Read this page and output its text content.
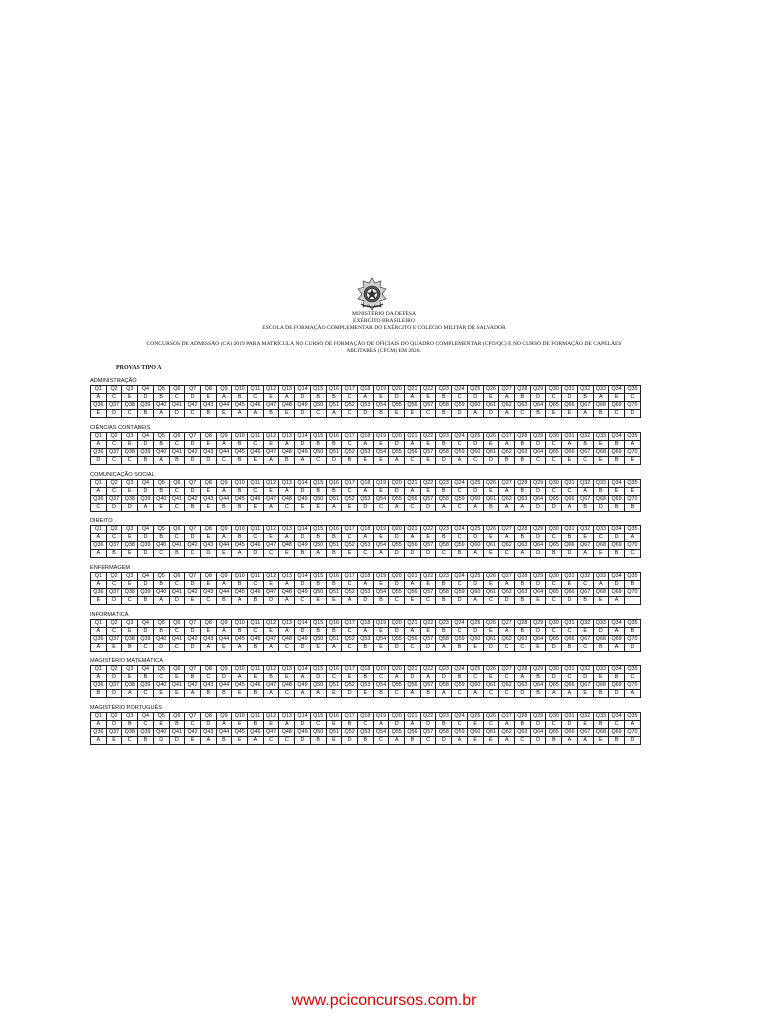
MINISTÉRIO DA DEFESA
EXÉRCITO BRASILEIRO
ESCOLA DE FORMAÇÃO COMPLEMENTAR DO EXÉRCITO E COLÉGIO MILITAR DE SALVADOR
CONCURSOS DE ADMISSÃO (CA) 2019 PARA MATRÍCULA NO CURSO DE FORMAÇÃO DE OFICIAIS DO QUADRO COMPLEMENTAR (CFO/QC) E NO CURSO DE FORMAÇÃO DE CAPELÃES
MILITARES (CFCM) EM 2020.
PROVAS TIPO A
ADMINISTRAÇÃO
Q1	Q2	Q3	Q4	Q5	Q6	Q7	Q8	Q9	Q10	Q11	Q12	Q13	Q14	Q15	Q16	Q17	Q18	Q19	Q20	Q21	Q22	Q23	Q24	Q25	Q26	Q27	Q28	Q29	Q30	Q31	Q32	Q33	Q34	Q35
A	C	E	D	B	C	D	E	A	B	C	E	A	D	B	B	C	A	E	D	A	E	B	C	D	E	A	B	D	C	D	B	A	E	C
Q36	Q37	Q38	Q39	Q40	Q41	Q42	Q43	Q44	Q45	Q46	Q47	Q48	Q49	Q50	Q51	Q52	Q53	Q54	Q55	Q56	Q57	Q58	Q59	Q60	Q61	Q62	Q63	Q64	Q65	Q66	Q67	Q68	Q69	Q70
E	D	C	B	A	D	C	B	E	A	A	B	E	D	C	A	C	D	B	E	E	C	B	D	A	D	A	C	B	E	E	A	B	C	D
CIÊNCIAS CONTÁBEIS
Q1	Q2	Q3	Q4	Q5	Q6	Q7	Q8	Q9	Q10	Q11	Q12	Q13	Q14	Q15	Q16	Q17	Q18	Q19	Q20	Q21	Q22	Q23	Q24	Q25	Q26	Q27	Q28	Q29	Q30	Q31	Q32	Q33	Q34	Q35
A	C	E	D	B	C	D	E	A	B	C	E	A	D	B	B	C	A	E	D	A	E	B	C	D	E	A	B	D	C	A	B	E	B	A
Q36	Q37	Q38	Q39	Q40	Q41	Q42	Q43	Q44	Q45	Q46	Q47	Q48	Q49	Q50	Q51	Q52	Q53	Q54	Q55	Q56	Q57	Q58	Q59	Q60	Q61	Q62	Q63	Q64	Q65	Q66	Q67	Q68	Q69	Q70
D	C	C	B	A	B	D	D	C	B	E	A	B	A	C	D	B	E	E	A	C	E	D	A	C	D	B	B	C	C	E	C	E	B	E
COMUNICAÇÃO SOCIAL
Q1	Q2	Q3	Q4	Q5	Q6	Q7	Q8	Q9	Q10	Q11	Q12	Q13	Q14	Q15	Q16	Q17	Q18	Q19	Q20	Q21	Q22	Q23	Q24	Q25	Q26	Q27	Q28	Q29	Q30	Q31	Q32	Q33	Q34	Q35
A	C	E	D	B	C	D	E	A	B	C	E	A	D	B	B	C	A	E	D	A	E	B	C	D	E	A	B	D	C	C	A	B	E	E
Q36	Q37	Q38	Q39	Q40	Q41	Q42	Q43	Q44	Q45	Q46	Q47	Q48	Q49	Q50	Q51	Q52	Q53	Q54	Q55	Q56	Q57	Q58	Q59	Q60	Q61	Q62	Q63	Q64	Q65	Q66	Q67	Q68	Q69	Q70
C	D	D	A	E	C	B	E	B	B	E	A	C	E	E	A	E	D	C	A	C	D	A	C	A	B	A	A	D	D	A	B	D	B	B
DIREITO
Q1	Q2	Q3	Q4	Q5	Q6	Q7	Q8	Q9	Q10	Q11	Q12	Q13	Q14	Q15	Q16	Q17	Q18	Q19	Q20	Q21	Q22	Q23	Q24	Q25	Q26	Q27	Q28	Q29	Q30	Q31	Q32	Q33	Q34	Q35
A	C	E	D	B	C	D	E	A	B	C	E	A	D	B	B	C	A	E	D	A	E	B	C	D	E	A	B	D	C	B	E	C	D	A
Q36	Q37	Q38	Q39	Q40	Q41	Q42	Q43	Q44	Q45	Q46	Q47	Q48	Q49	Q50	Q51	Q52	Q53	Q54	Q55	Q56	Q57	Q58	Q59	Q60	Q61	Q62	Q63	Q64	Q65	Q66	Q67	Q68	Q69	Q70
A	B	E	D	C	B	C	D	E	A	D	C	E	B	A	B	E	C	A	D	D	D	C	B	A	E	C	A	D	B	D	A	E	B	C
ENFERMAGEM
Q1	Q2	Q3	Q4	Q5	Q6	Q7	Q8	Q9	Q10	Q11	Q12	Q13	Q14	Q15	Q16	Q17	Q18	Q19	Q20	Q21	Q22	Q23	Q24	Q25	Q26	Q27	Q28	Q29	Q30	Q31	Q32	Q33	Q34	Q35
A	C	E	D	B	C	D	E	A	B	C	E	A	D	B	B	C	A	E	D	A	E	B	C	D	E	A	B	D	C	E	C	A	D	B
Q36	Q37	Q38	Q39	Q40	Q41	Q42	Q43	Q44	Q45	Q46	Q47	Q48	Q49	Q50	Q51	Q52	Q53	Q54	Q55	Q56	Q57	Q58	Q59	Q60	Q61	Q62	Q63	Q64	Q65	Q66	Q67	Q68	Q69	Q70
E	D	C	B	A	D	E	C	B	A	B	D	A	C	E	E	A	D	B	C	E	C	B	D	A	C	D	B	E	C	D	B	E	A	
INFORMÁTICA
Q1	Q2	Q3	Q4	Q5	Q6	Q7	Q8	Q9	Q10	Q11	Q12	Q13	Q14	Q15	Q16	Q17	Q18	Q19	Q20	Q21	Q22	Q23	Q24	Q25	Q26	Q27	Q28	Q29	Q30	Q31	Q32	Q33	Q34	Q35
A	C	E	D	B	C	D	E	A	B	C	E	A	D	B	B	C	A	E	D	A	E	B	C	D	E	A	B	D	C	C	E	D	A	B
Q36	Q37	Q38	Q39	Q40	Q41	Q42	Q43	Q44	Q45	Q46	Q47	Q48	Q49	Q50	Q51	Q52	Q53	Q54	Q55	Q56	Q57	Q58	Q59	Q60	Q61	Q62	Q63	Q64	Q65	Q66	Q67	Q68	Q69	Q70
A	E	B	C	D	C	D	A	E	A	B	A	C	D	E	A	C	B	E	D	C	D	A	B	E	D	C	C	E	D	B	C	B	A	D
MAGISTÉRIO MATEMÁTICA
Q1	Q2	Q3	Q4	Q5	Q6	Q7	Q8	Q9	Q10	Q11	Q12	Q13	Q14	Q15	Q16	Q17	Q18	Q19	Q20	Q21	Q22	Q23	Q24	Q25	Q26	Q27	Q28	Q29	Q30	Q31	Q32	Q33	Q34	Q35
A	D	E	B	C	E	B	C	D	A	E	B	E	A	D	C	E	B	C	A	D	A	D	B	C	E	C	A	B	D	C	D	E	B	C
Q36	Q37	Q38	Q39	Q40	Q41	Q42	Q43	Q44	Q45	Q46	Q47	Q48	Q49	Q50	Q51	Q52	Q53	Q54	Q55	Q56	Q57	Q58	Q59	Q60	Q61	Q62	Q63	Q64	Q65	Q66	Q67	Q68	Q69	Q70
B	D	A	C	E	E	A	B	B	E	B	A	C	A	A	E	D	E	B	C	A	B	A	C	A	C	C	D	B	A	A	E	B	D	A
MAGISTÉRIO PORTUGUÊS
Q1	Q2	Q3	Q4	Q5	Q6	Q7	Q8	Q9	Q10	Q11	Q12	Q13	Q14	Q15	Q16	Q17	Q18	Q19	Q20	Q21	Q22	Q23	Q24	Q25	Q26	Q27	Q28	Q29	Q30	Q31	Q32	Q33	Q34	Q35
A	D	B	C	E	B	C	D	A	E	B	E	A	D	C	E	B	C	A	D	A	D	B	C	E	C	A	B	D	C	D	E	B	C	A
Q36	Q37	Q38	Q39	Q40	Q41	Q42	Q43	Q44	Q45	Q46	Q47	Q48	Q49	Q50	Q51	Q52	Q53	Q54	Q55	Q56	Q57	Q58	Q59	Q60	Q61	Q62	Q63	Q64	Q65	Q66	Q67	Q68	Q69	Q70
A	E	C	B	D	D	E	A	B	E	A	C	C	D	B	E	D	B	C	A	B	C	D	A	E	E	A	C	D	B	A	A	E	B	D
www.pciconcursos.com.br
